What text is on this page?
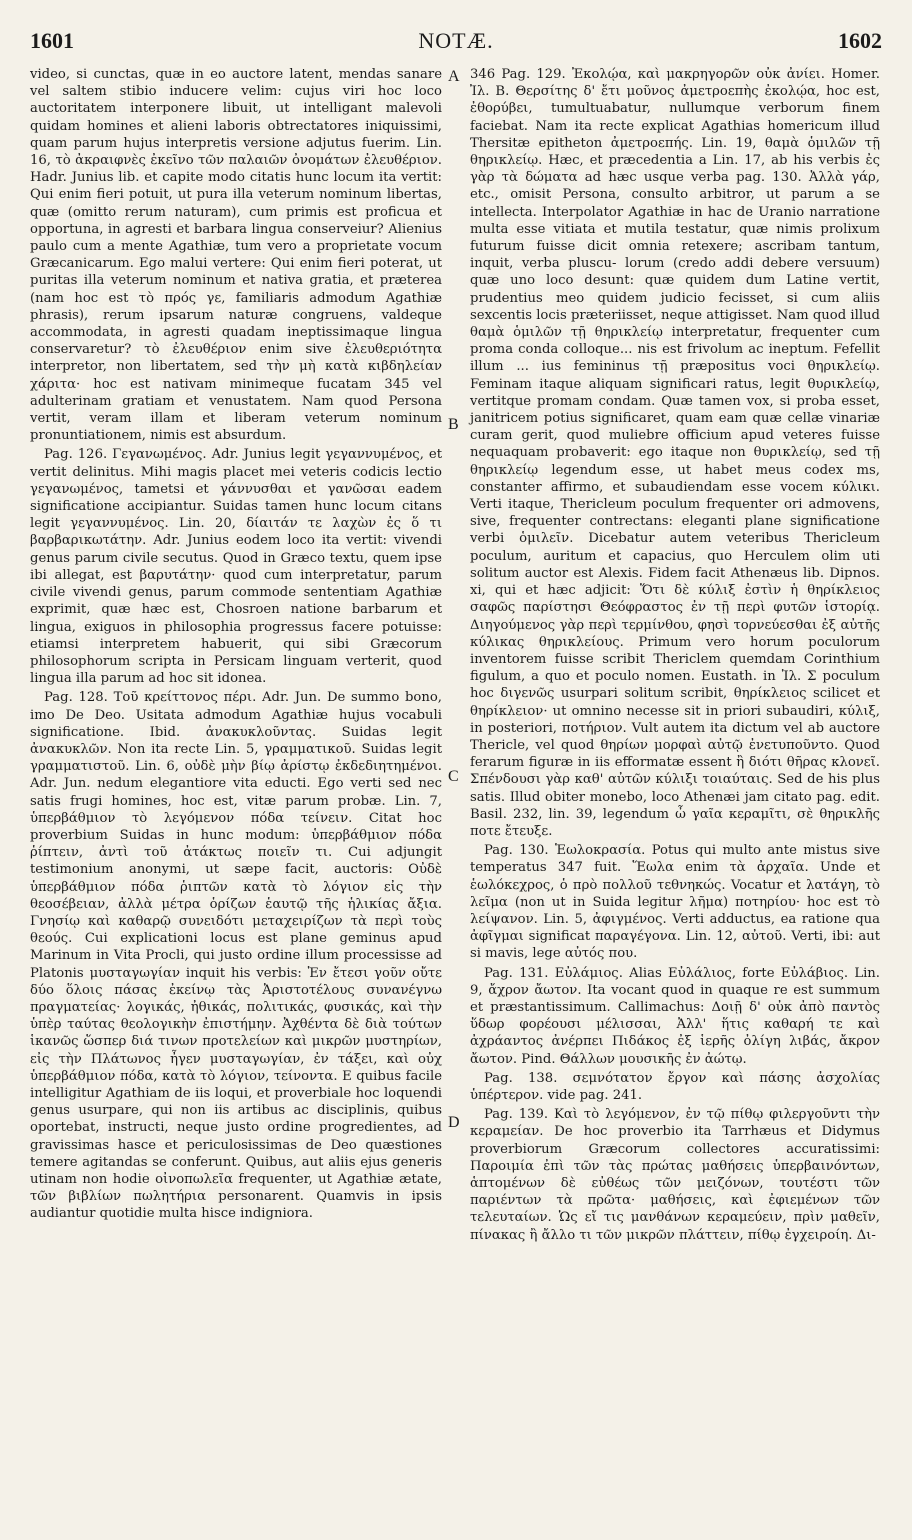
1601	NOTÆ.	1602
A
B
C
D

video, si cunctas, quæ in eo auctore latent, mendas sanare vel saltem stibio inducere velim: cujus viri hoc loco auctoritatem interponere libuit, ut intelligant malevoli quidam homines et alieni laboris obtrectatores iniquissimi, quam parum hujus interpretis versione adjutus fuerim. Lin. 16, τὸ ἀκραιφνὲς ἐκεῖνο τῶν παλαιῶν ὀνομάτων ἐλευθέριον. Hadr. Junius lib. et capite modo citatis hunc locum ita vertit: Qui enim fieri potuit, ut pura illa veterum nominum libertas, quæ (omitto rerum naturam), cum primis est proficua et opportuna, in agresti et barbara lingua conserveiur? Alienius paulo cum a mente Agathiæ, tum vero a proprietate vocum Græcanicarum. Ego malui vertere: Qui enim fieri poterat, ut puritas illa veterum nominum et nativa gratia, et præterea (nam hoc est τὸ πρός γε, familiaris admodum Agathiæ phrasis), rerum ipsarum naturæ congruens, valdeque accommodata, in agresti quadam ineptissimaque lingua conservaretur? τὸ ἐλευθέριον enim sive ἐλευθεριότητα interpretor, non libertatem, sed τὴν μὴ κατὰ κιβδηλείαν χάριτα· hoc est nativam minimeque fucatam 345 vel adulterinam gratiam et venustatem. Nam quod Persona vertit, veram illam et liberam veterum nominum pronuntiationem, nimis est absurdum.

Pag. 126. Γεγανωμένος. Adr. Junius legit γεγαννυμένος, et vertit delinitus. Mihi magis placet mei veteris codicis lectio γεγανωμένος, tametsi et γάννυσθαι et γανῶσαι eadem significatione accipiantur. Suidas tamen hunc locum citans legit γεγαννυμένος. Lin. 20, δίαιτάν τε λαχὼν ἐς ὅ τι βαρβαρικωτάτην. Adr. Junius eodem loco ita vertit: vivendi genus parum civile secutus. Quod in Græco textu, quem ipse ibi allegat, est βαρυτάτην· quod cum interpretatur, parum civile vivendi genus, parum commode sententiam Agathiæ exprimit, quæ hæc est, Chosroen natione barbarum et lingua, exiguos in philosophia progressus facere potuisse: etiamsi interpretem habuerit, qui sibi Græcorum philosophorum scripta in Persicam linguam verterit, quod lingua illa parum ad hoc sit idonea.

Pag. 128. Τοῦ κρείττονος πέρι. Adr. Jun. De summo bono, imo De Deo. Usitata admodum Agathiæ hujus vocabuli significatione. Ibid. ἀνακυκλοῦντας. Suidas legit ἀνακυκλῶν. Non ita recte Lin. 5, γραμματικοῦ. Suidas legit γραμματιστοῦ. Lin. 6, οὐδὲ μὴν βίῳ ἀρίστῳ ἐκδεδιητημένοι. Adr. Jun. nedum elegantiore vita educti. Ego verti sed nec satis frugi homines, hoc est, vitæ parum probæ. Lin. 7, ὑπερβάθμιον τὸ λεγόμενον πόδα τείνειν. Citat hoc proverbium Suidas in hunc modum: ὑπερβάθμιον πόδα ῥίπτειν, ἀντὶ τοῦ ἀτάκτως ποιεῖν τι. Cui adjungit testimonium anonymi, ut sæpe facit, auctoris: Οὐδὲ ὑπερβάθμιον πόδα ῥιπτῶν κατὰ τὸ λόγιον εἰς τὴν θεοσέβειαν, ἀλλὰ μέτρα ὁρίζων ἑαυτῷ τῆς ἡλικίας ἄξια. Γνησίῳ καὶ καθαρῷ συνειδότι μεταχειρίζων τὰ περὶ τοὺς θεούς. Cui explicationi locus est plane geminus apud Marinum in Vita Procli, qui justo ordine illum processisse ad Platonis μυσταγωγίαν inquit his verbis: Ἐν ἔτεσι γοῦν οὔτε δύο ὅλοις πάσας ἐκείνῳ τὰς Ἀριστοτέλους συνανέγνω πραγματείας· λογικάς, ἠθικάς, πολιτικάς, φυσικάς, καὶ τὴν ὑπὲρ ταύτας θεολογικὴν ἐπιστήμην. Ἀχθέντα δὲ διὰ τούτων ἱκανῶς ὥσπερ διά τινων προτελείων καὶ μικρῶν μυστηρίων, εἰς τὴν Πλάτωνος ἦγεν μυσταγωγίαν, ἐν τάξει, καὶ οὐχ ὑπερβάθμιον πόδα, κατὰ τὸ λόγιον, τείνοντα. E quibus facile intelligitur Agathiam de iis loqui, et proverbiale hoc loquendi genus usurpare, qui non iis artibus ac disciplinis, quibus oportebat, instructi, neque justo ordine progredientes, ad gravissimas hasce et periculosissimas de Deo quæstiones temere agitandas se conferunt. Quibus, aut aliis ejus generis utinam non hodie οἰνοπωλεῖα frequenter, ut Agathiæ ætate, τῶν βιβλίων πωλητήρια personarent. Quamvis in ipsis audiantur quotidie multa hisce indigniora.

346 Pag. 129. Ἐκολῴα, καὶ μακρηγορῶν οὐκ ἀνίει. Homer. Ἰλ. Β. Θερσίτης δ' ἔτι μοῦνος ἀμετροεπὴς ἐκολῴα, hoc est, ἐθορύβει, tumultuabatur, nullumque verborum finem faciebat. Nam ita recte explicat Agathias homericum illud Thersitæ epitheton ἀμετροεπής. Lin. 19, θαμὰ ὁμιλῶν τῇ θηρικλείῳ. Hæc, et præcedentia a Lin. 17, ab his verbis ἐς γὰρ τὰ δώματα ad hæc usque verba pag. 130. Ἀλλὰ γάρ, etc., omisit Persona, consulto arbitror, ut parum a se intellecta. Interpolator Agathiæ in hac de Uranio narratione multa esse vitiata et mutila testatur, quæ nimis prolixum futurum fuisse dicit omnia retexere; ascribam tantum, inquit, verba pluscu- lorum (credo addi debere versuum) quæ uno loco desunt: quæ quidem dum Latine vertit, prudentius meo quidem judicio fecisset, si cum aliis sexcentis locis præteriisset, neque attigisset. Nam quod illud θαμὰ ὁμιλῶν τῇ θηρικλείῳ interpretatur, frequenter cum proma conda colloque... nis est frivolum ac ineptum. Fefellit illum ... ius femininus τῇ præpositus voci θηρικλείῳ. Feminam itaque aliquam significari ratus, legit θυρικλείῳ, vertitque promam condam. Quæ tamen vox, si proba esset, janitricem potius significaret, quam eam quæ cellæ vinariæ curam gerit, quod muliebre officium apud veteres fuisse nequaquam probaverit: ego itaque non θυρικλείῳ, sed τῇ θηρικλείῳ legendum esse, ut habet meus codex ms, constanter affirmo, et subaudiendam esse vocem κύλικι. Verti itaque, Thericleum poculum frequenter ori admovens, sive, frequenter contrectans: eleganti plane significatione verbi ὁμιλεῖν. Dicebatur autem veteribus Thericleum poculum, auritum et capacius, quo Herculem olim uti solitum auctor est Alexis. Fidem facit Athenæus lib. Dipnos. xi, qui et hæc adjicit: Ὅτι δὲ κύλιξ ἐστὶν ἡ θηρίκλειος σαφῶς παρίστησι Θεόφραστος ἐν τῇ περὶ φυτῶν ἱστορίᾳ. Διηγούμενος γὰρ περὶ τερμίνθου, φησὶ τορνεύεσθαι ἐξ αὐτῆς κύλικας θηρικλείους. Primum vero horum poculorum inventorem fuisse scribit Thericlem quemdam Corinthium figulum, a quo et poculo nomen. Eustath. in Ἰλ. Σ poculum hoc διγενῶς usurpari solitum scribit, θηρίκλειος scilicet et θηρίκλειον· ut omnino necesse sit in priori subaudiri, κύλιξ, in posteriori, ποτήριον. Vult autem ita dictum vel ab auctore Thericle, vel quod θηρίων μορφαὶ αὐτῷ ἐνετυποῦντο. Quod ferarum figuræ in iis efformatæ essent ἢ διότι θῆρας κλονεῖ. Σπένδουσι γὰρ καθ' αὐτῶν κύλιξι τοιαύταις. Sed de his plus satis. Illud obiter monebo, loco Athenæi jam citato pag. edit. Basil. 232, lin. 39, legendum ὦ γαῖα κεραμῖτι, σὲ θηρικλῆς ποτε ἔτευξε.

Pag. 130. Ἑωλοκρασία. Potus qui multo ante mistus sive temperatus 347 fuit. Ἕωλα enim τὰ ἀρχαῖα. Unde et ἑωλόκεχρος, ὁ πρὸ πολλοῦ τεθνηκώς. Vocatur et λατάγη, τὸ λεῖμα (non ut in Suida legitur λῆμα) ποτηρίου· hoc est τὸ λείψανον. Lin. 5, ἀφιγμένος. Verti adductus, ea ratione qua ἀφῖγμαι significat παραγέγονα. Lin. 12, αὐτοῦ. Verti, ibi: aut si mavis, lege αὐτός που.

Pag. 131. Εὐλάμιος. Alias Εὐλάλιος, forte Εὐλάβιος. Lin. 9, ἄχρον ἄωτον. Ita vocant quod in quaque re est summum et præstantissimum. Callimachus: Δοιῇ δ' οὐκ ἀπὸ παντὸς ὕδωρ φορέουσι μέλισσαι, Ἀλλ' ἥτις καθαρή τε καὶ ἀχράαντος ἀνέρπει Πιδάκος ἐξ ἱερῆς ὀλίγη λιβάς, ἄκρον ἄωτον. Pind. Θάλλων μουσικῆς ἐν ἀώτῳ.

Pag. 138. σεμνότατον ἔργον καὶ πάσης ἀσχολίας ὑπέρτερον. vide pag. 241.

Pag. 139. Καὶ τὸ λεγόμενον, ἐν τῷ πίθῳ φιλεργοῦντι τὴν κεραμείαν. De hoc proverbio ita Tarrhæus et Didymus proverbiorum Græcorum collectores accuratissimi: Παροιμία ἐπὶ τῶν τὰς πρώτας μαθήσεις ὑπερβαινόντων, ἁπτομένων δὲ εὐθέως τῶν μειζόνων, τουτέστι τῶν παριέντων τὰ πρῶτα· μαθήσεις, καὶ ἐφιεμένων τῶν τελευταίων. Ὡς εἴ τις μανθάνων κεραμεύειν, πρὶν μαθεῖν, πίνακας ἢ ἄλλο τι τῶν μικρῶν πλάττειν, πίθῳ ἐγχειροίη. Δι-
